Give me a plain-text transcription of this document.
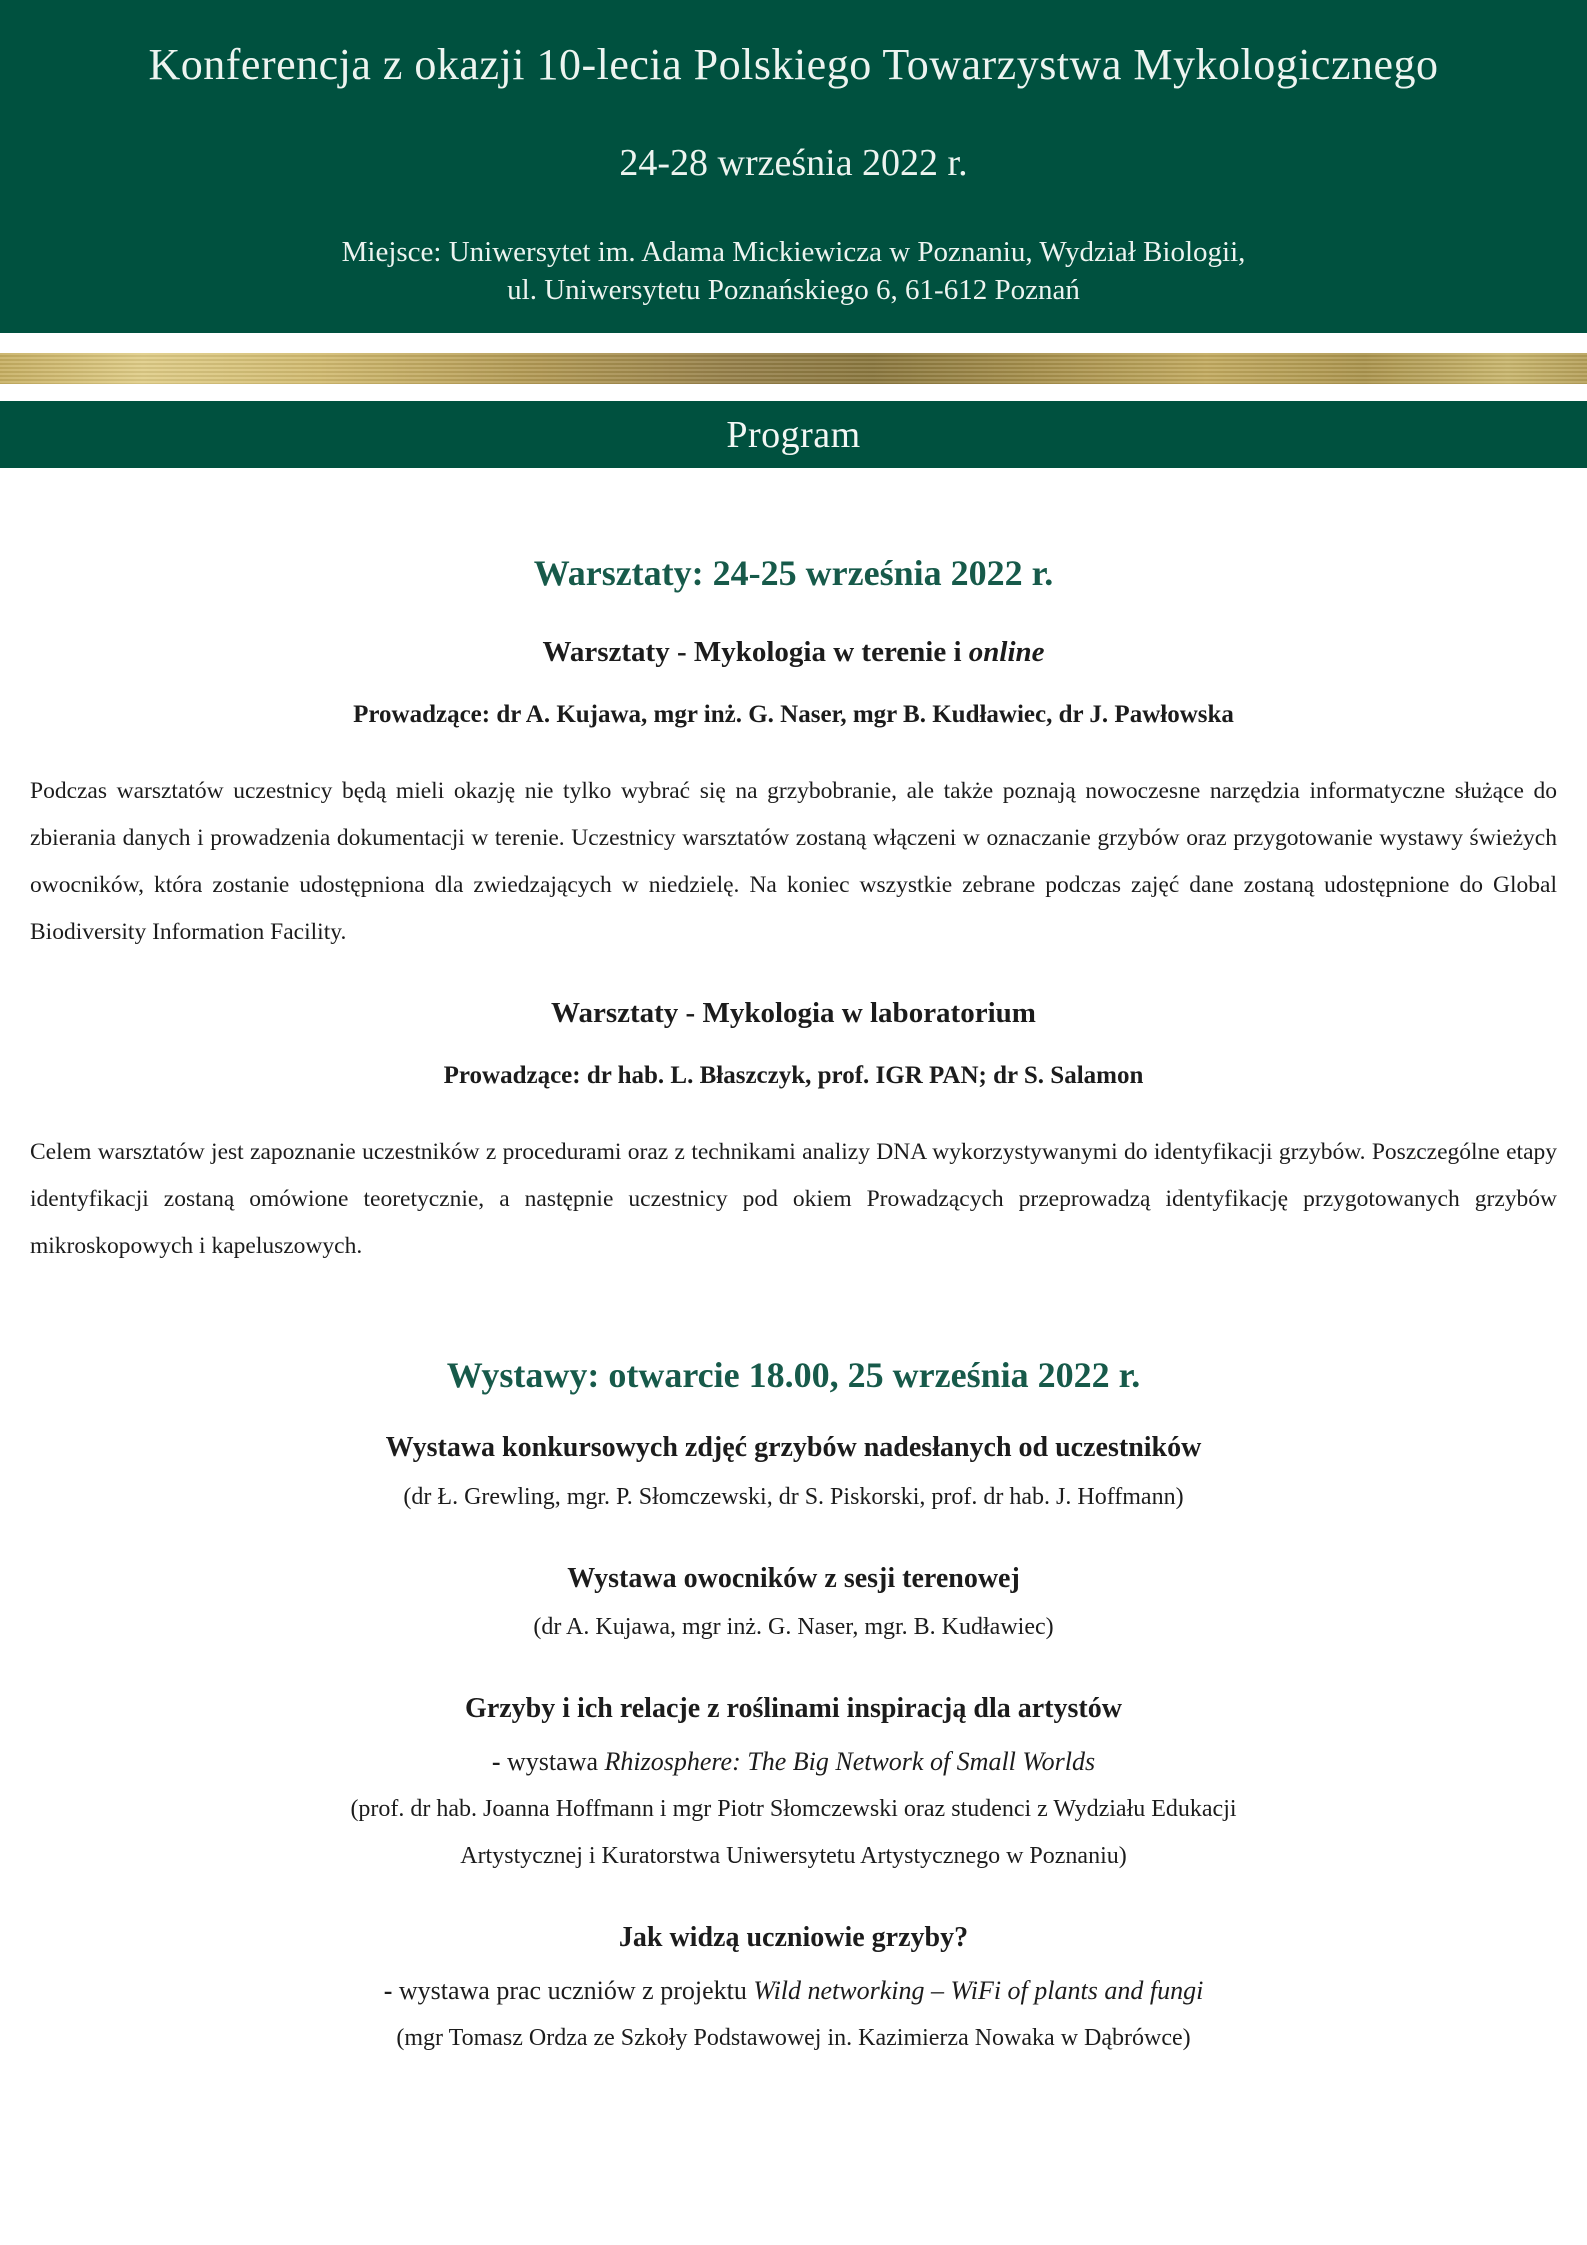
Konferencja z okazji 10-lecia Polskiego Towarzystwa Mykologicznego
24-28 września 2022 r.
Miejsce: Uniwersytet im. Adama Mickiewicza w Poznaniu, Wydział Biologii,
ul. Uniwersytetu Poznańskiego 6, 61-612 Poznań
Program
Warsztaty: 24-25 września 2022 r.
Warsztaty - Mykologia w terenie i online
Prowadzące: dr A. Kujawa, mgr inż. G. Naser, mgr B. Kudławiec, dr J. Pawłowska

Podczas warsztatów uczestnicy będą mieli okazję nie tylko wybrać się na grzybobranie, ale także poznają nowoczesne narzędzia informatyczne służące do zbierania danych i prowadzenia dokumentacji w terenie. Uczestnicy warsztatów zostaną włączeni w oznaczanie grzybów oraz przygotowanie wystawy świeżych owocników, która zostanie udostępniona dla zwiedzających w niedzielę. Na koniec wszystkie zebrane podczas zajęć dane zostaną udostępnione do Global Biodiversity Information Facility.

Warsztaty - Mykologia w laboratorium
Prowadzące: dr hab. L. Błaszczyk, prof. IGR PAN; dr S. Salamon

Celem warsztatów jest zapoznanie uczestników z procedurami oraz z technikami analizy DNA wykorzystywanymi do identyfikacji grzybów. Poszczególne etapy identyfikacji zostaną omówione teoretycznie, a następnie uczestnicy pod okiem Prowadzących przeprowadzą identyfikację przygotowanych grzybów mikroskopowych i kapeluszowych.

Wystawy: otwarcie 18.00, 25 września 2022 r.
Wystawa konkursowych zdjęć grzybów nadesłanych od uczestników
(dr Ł. Grewling, mgr. P. Słomczewski, dr S. Piskorski, prof. dr hab. J. Hoffmann)
Wystawa owocników z sesji terenowej
(dr A. Kujawa, mgr inż. G. Naser, mgr. B. Kudławiec)
Grzyby i ich relacje z roślinami inspiracją dla artystów
- wystawa Rhizosphere: The Big Network of Small Worlds
(prof. dr hab. Joanna Hoffmann i mgr Piotr Słomczewski oraz studenci z Wydziału Edukacji
Artystycznej i Kuratorstwa Uniwersytetu Artystycznego w Poznaniu)
Jak widzą uczniowie grzyby?
- wystawa prac uczniów z projektu Wild networking – WiFi of plants and fungi
(mgr Tomasz Ordza ze Szkoły Podstawowej in. Kazimierza Nowaka w Dąbrówce)
